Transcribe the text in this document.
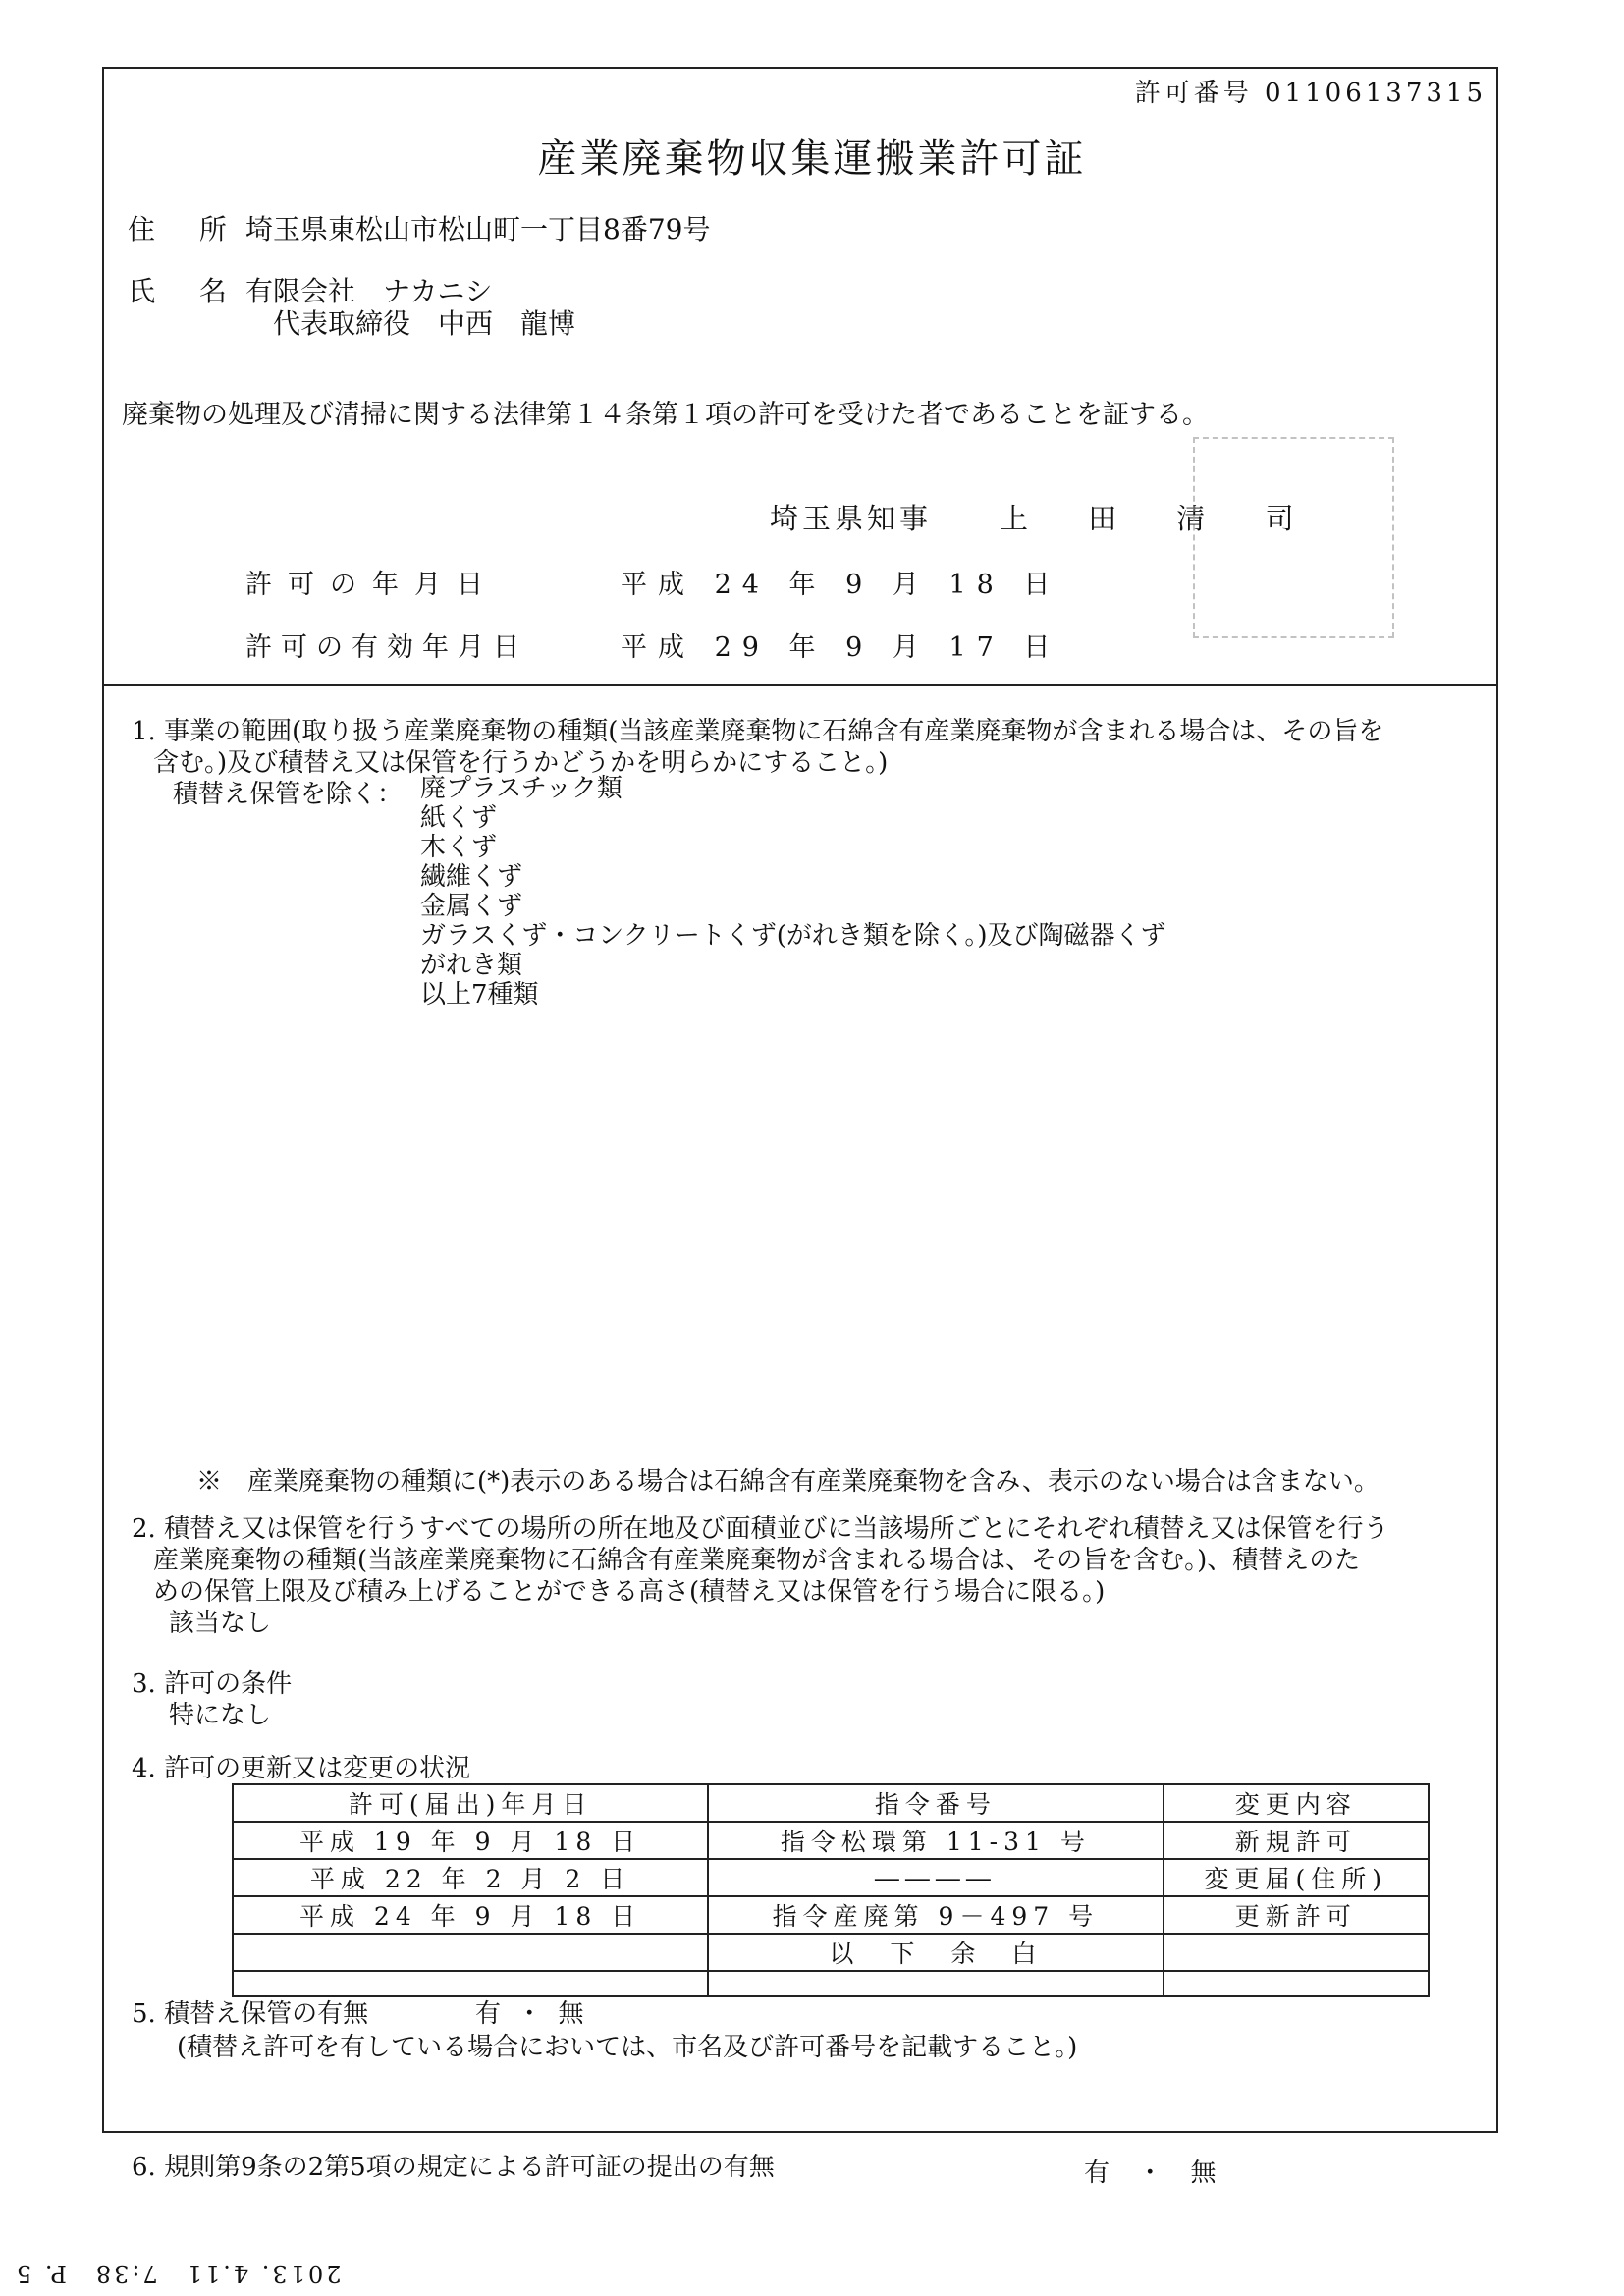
許可番号 01106137315
産業廃棄物収集運搬業許可証
住 所 埼玉県東松山市松山町一丁目8番79号
氏 名 有限会社　ナカニシ
代表取締役　中西　龍博
廃棄物の処理及び清掃に関する法律第１４条第１項の許可を受けた者であることを証する。
埼玉県知事 上 田 清 司
許可の年月日	平成 24 年 9 月 18 日
許可の有効年月日	平成 29 年 9 月 17 日
1. 事業の範囲(取り扱う産業廃棄物の種類(当該産業廃棄物に石綿含有産業廃棄物が含まれる場合は、その旨を
含む。)及び積替え又は保管を行うかどうかを明らかにすること。)
積替え保管を除く： 廃プラスチック類
紙くず
木くず
繊維くず
金属くず
ガラスくず・コンクリートくず(がれき類を除く。)及び陶磁器くず
がれき類
以上7種類
※　産業廃棄物の種類に(*)表示のある場合は石綿含有産業廃棄物を含み、表示のない場合は含まない。
2. 積替え又は保管を行うすべての場所の所在地及び面積並びに当該場所ごとにそれぞれ積替え又は保管を行う
産業廃棄物の種類(当該産業廃棄物に石綿含有産業廃棄物が含まれる場合は、その旨を含む。)、積替えのた
めの保管上限及び積み上げることができる高さ(積替え又は保管を行う場合に限る。)
該当なし
3. 許可の条件
特になし
4. 許可の更新又は変更の状況
許可(届出)年月日	指令番号	変更内容
平成 19 年 9 月 18 日	指令松環第 11-31 号	新規許可
平成 22 年 2 月 2 日	――――	変更届(住所)
平成 24 年 9 月 18 日	指令産廃第 9－497 号	更新許可
	以　下　余　白	

5. 積替え保管の有無	有 ・ 無
(積替え許可を有している場合においては、市名及び許可番号を記載すること。)
6. 規則第9条の2第5項の規定による許可証の提出の有無	有 ・ 無
2013. 4.11　7:38　P. 5
